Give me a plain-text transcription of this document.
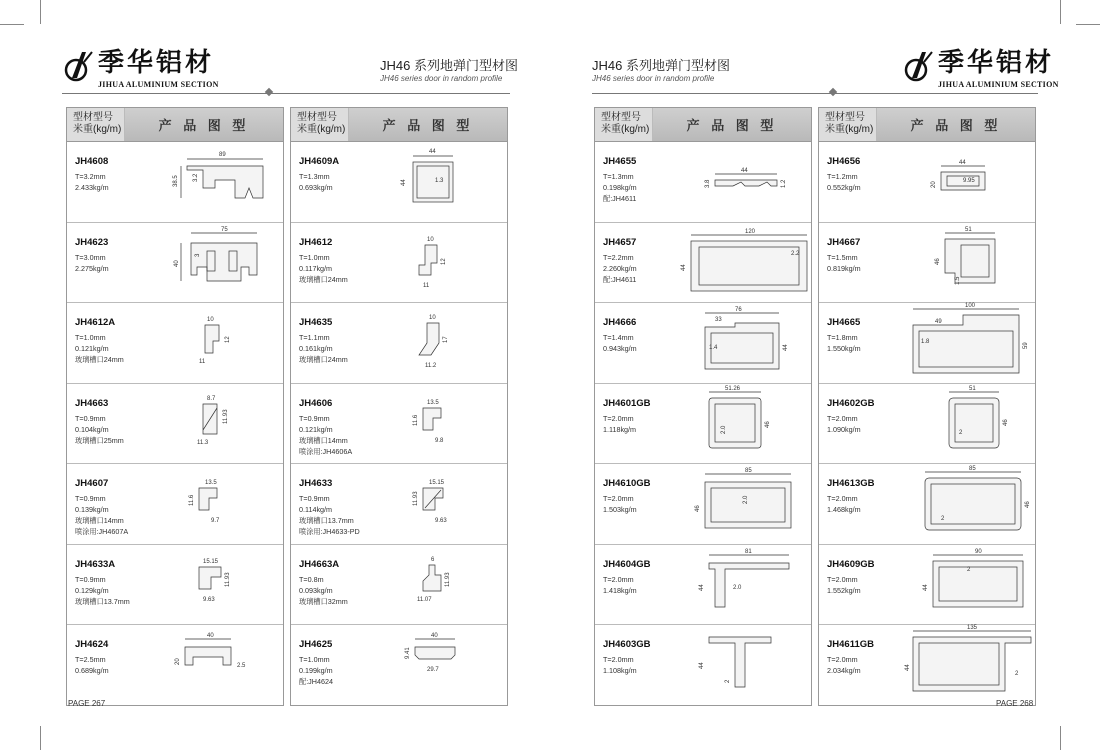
季华铝材
JIHUA ALUMINIUM SECTION
JH46 系列地弹门型材图
JH46 series door in random profile
型材型号
米重(kg/m)	产 品 图 型
JH4608
T=3.2mm
2.433kg/m
89
38.5 3.2
JH4623
T=3.0mm
2.275kg/m
75
40
3
JH4612A
T=1.0mm
0.121kg/m
玻璃槽口24mm
10
12
11
JH4663
T=0.9mm
0.104kg/m
玻璃槽口25mm
8.7
11.93
11.3
JH4607
T=0.9mm
0.139kg/m
玻璃槽口14mm
喷涂用:JH4607A
13.5
11.6
9.7
JH4633A
T=0.9mm
0.129kg/m
玻璃槽口13.7mm
15.15
11.93
9.63
JH4624
T=2.5mm
0.689kg/m
40
20
2.5
型材型号
米重(kg/m)	产 品 图 型
JH4609A
T=1.3mm
0.693kg/m
44
44	1.3
JH4612
T=1.0mm
0.117kg/m
玻璃槽口24mm
10
12
11
JH4635
T=1.1mm
0.161kg/m
玻璃槽口24mm
10
17
11.2
JH4606
T=0.9mm
0.121kg/m
玻璃槽口14mm
喷涂用:JH4606A
13.5
11.6
9.8
JH4633
T=0.9mm
0.114kg/m
玻璃槽口13.7mm
喷涂用:JH4633-PD
15.15
11.93
9.63
JH4663A
T=0.8m
0.093kg/m
玻璃槽口32mm
6
11.93
11.07
JH4625
T=1.0mm
0.199kg/m
配:JH4624
40
29.7
9.41
PAGE 267
JH46 系列地弹门型材图
JH46 series door in random profile
季华铝材
JIHUA ALUMINIUM SECTION
型材型号
米重(kg/m)	产 品 图 型
JH4655
T=1.3mm
0.198kg/m
配:JH4611
44
3.8	1.2
JH4657
T=2.2mm
2.260kg/m
配:JH4611
120
44
2.2
JH4666
T=1.4mm
0.943kg/m
76
33
44
1.4
JH4601GB
T=2.0mm
1.118kg/m
51.26
46
2.0
JH4610GB
T=2.0mm
1.503kg/m
85
46
2.0
JH4604GB
T=2.0mm
1.418kg/m
81
44	2.0
JH4603GB
T=2.0mm
1.108kg/m
44
2
型材型号
米重(kg/m)	产 品 图 型
JH4656
T=1.2mm
0.552kg/m
44
9.95
20
JH4667
T=1.5mm
0.819kg/m
51
46
1.5
JH4665
T=1.8mm
1.550kg/m
100
49
59
1.8
JH4602GB
T=2.0mm
1.090kg/m
51
46
2
JH4613GB
T=2.0mm
1.468kg/m
85
46
2
JH4609GB
T=2.0mm
1.552kg/m
90
44
2
JH4611GB
T=2.0mm
2.034kg/m
135
44
2
PAGE 268
